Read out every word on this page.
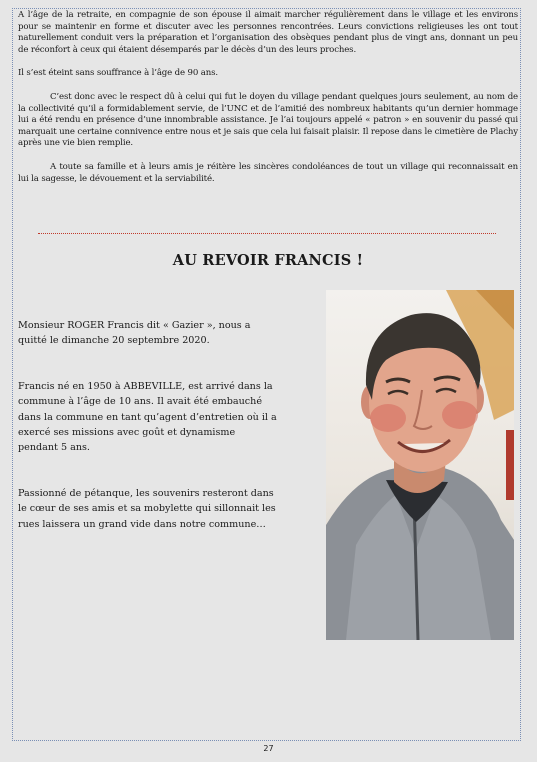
A l’âge de la retraite, en compagnie de son épouse il aimait marcher régulièrement dans le village et les environs pour se maintenir en forme et discuter avec les personnes rencontrées. Leurs convictions religieuses les ont tout naturellement conduit vers la préparation et l’organisation des obsèques pendant plus de vingt ans, donnant un peu de réconfort à ceux qui étaient désemparés par le décès d’un des leurs proches.

Il s’est éteint sans souffrance à l’âge de 90 ans.

C’est donc avec le respect dû à celui qui fut le doyen du village pendant quelques jours seulement, au nom de la collectivité qu’il a formidablement servie, de l’UNC et de l’amitié des nombreux habitants qu’un dernier hommage lui a été rendu en présence d’une innombrable assistance. Je l’ai toujours appelé « patron » en souvenir du passé qui marquait une certaine connivence entre nous et je sais que cela lui faisait plaisir. Il repose dans le cimetière de Plachy après une vie bien remplie.

A toute sa famille et à leurs amis je réitère les sincères condoléances de tout un village qui reconnaissait en lui la sagesse, le dévouement et la serviabilité.

AU REVOIR FRANCIS !

Monsieur ROGER Francis dit « Gazier », nous a quitté le dimanche 20 septembre 2020.

Francis né en 1950 à ABBEVILLE, est arrivé dans la commune à l’âge de 10 ans. Il avait été embauché dans la commune en tant qu’agent d’entretien où il a exercé ses missions avec goût et dynamisme pendant 5 ans.

Passionné de pétanque, les souvenirs resteront dans le cœur de ses amis et sa mobylette qui sillonnait les rues laissera un grand vide dans notre commune…

27
